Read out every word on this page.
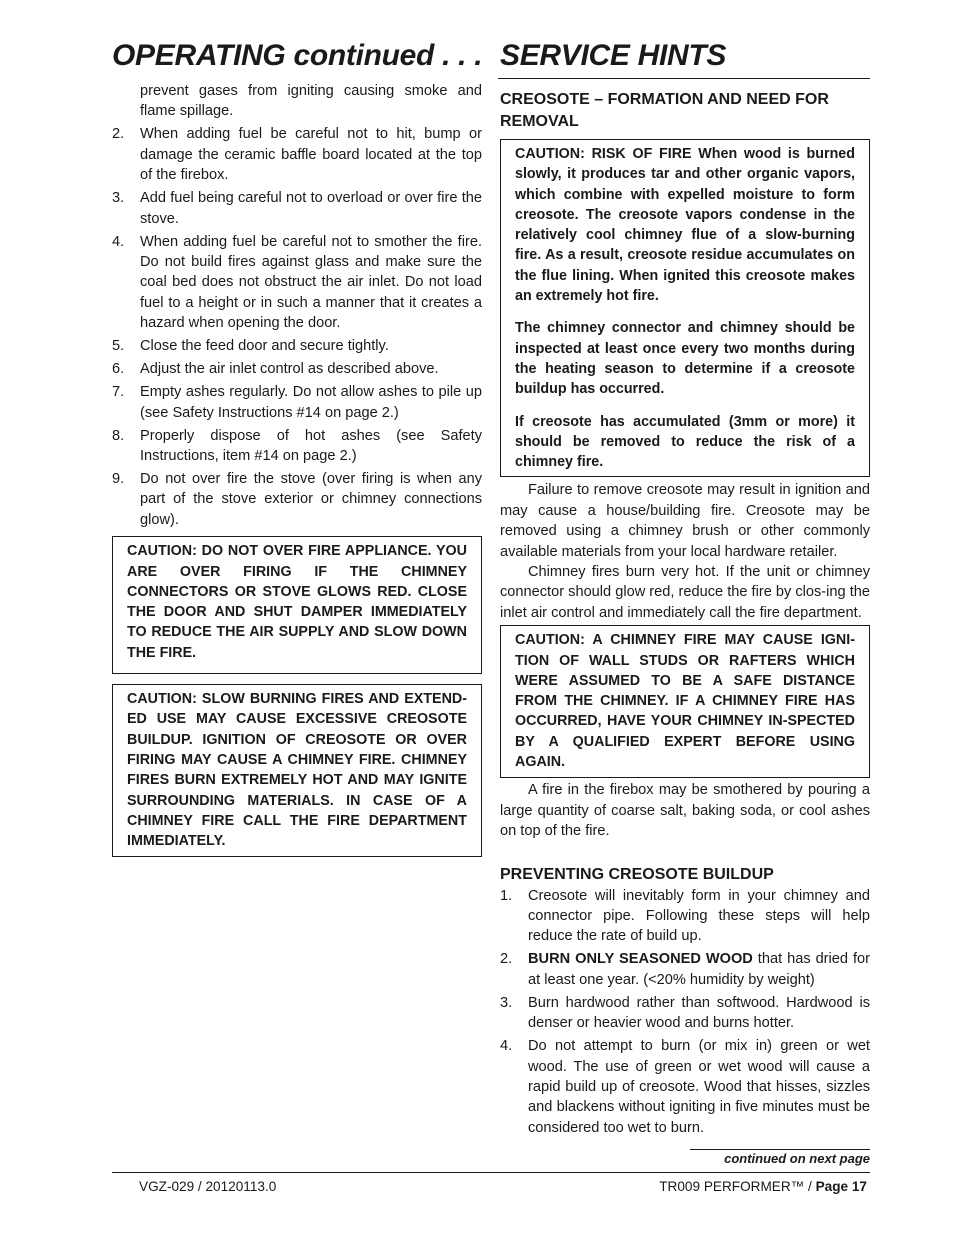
OPERATING continued . . . SERVICE HINTS

prevent gases from igniting causing smoke and flame spillage.

2. When adding fuel be careful not to hit, bump or damage the ceramic baffle board located at the top of the firebox.
3. Add fuel being careful not to overload or over fire the stove.
4. When adding fuel be careful not to smother the fire. Do not build fires against glass and make sure the coal bed does not obstruct the air inlet. Do not load fuel to a height or in such a manner that it creates a hazard when opening the door.
5. Close the feed door and secure tightly.
6. Adjust the air inlet control as described above.
7. Empty ashes regularly. Do not allow ashes to pile up (see Safety Instructions #14 on page 2.)
8. Properly dispose of hot ashes (see Safety Instructions, item #14 on page 2.)
9. Do not over fire the stove (over firing is when any part of the stove exterior or chimney connections glow).

CAUTION: DO NOT OVER FIRE APPLIANCE. YOU ARE OVER FIRING IF THE CHIMNEY CONNECTORS OR STOVE GLOWS RED. CLOSE THE DOOR AND SHUT DAMPER IMMEDIATELY TO REDUCE THE AIR SUPPLY AND SLOW DOWN THE FIRE.

CAUTION: SLOW BURNING FIRES AND EXTEND-ED USE MAY CAUSE EXCESSIVE CREOSOTE BUILDUP. IGNITION OF CREOSOTE OR OVER FIRING MAY CAUSE A CHIMNEY FIRE. CHIMNEY FIRES BURN EXTREMELY HOT AND MAY IGNITE SURROUNDING MATERIALS. IN CASE OF A CHIMNEY FIRE CALL THE FIRE DEPARTMENT IMMEDIATELY.

CREOSOTE – FORMATION AND NEED FOR REMOVAL

CAUTION: RISK OF FIRE When wood is burned slowly, it produces tar and other organic vapors, which combine with expelled moisture to form creosote. The creosote vapors condense in the relatively cool chimney flue of a slow-burning fire. As a result, creosote residue accumulates on the flue lining. When ignited this creosote makes an extremely hot fire.

The chimney connector and chimney should be inspected at least once every two months during the heating season to determine if a creosote buildup has occurred.

If creosote has accumulated (3mm or more) it should be removed to reduce the risk of a chimney fire.

Failure to remove creosote may result in ignition and may cause a house/building fire. Creosote may be removed using a chimney brush or other commonly available materials from your local hardware retailer.

Chimney fires burn very hot. If the unit or chimney connector should glow red, reduce the fire by clos-ing the inlet air control and immediately call the fire department.

CAUTION: A CHIMNEY FIRE MAY CAUSE IGNI-TION OF WALL STUDS OR RAFTERS WHICH WERE ASSUMED TO BE A SAFE DISTANCE FROM THE CHIMNEY. IF A CHIMNEY FIRE HAS OCCURRED, HAVE YOUR CHIMNEY IN-SPECTED BY A QUALIFIED EXPERT BEFORE USING AGAIN.

A fire in the firebox may be smothered by pouring a large quantity of coarse salt, baking soda, or cool ashes on top of the fire.

PREVENTING CREOSOTE BUILDUP
1. Creosote will inevitably form in your chimney and connector pipe. Following these steps will help reduce the rate of build up.
2. BURN ONLY SEASONED WOOD that has dried for at least one year. (<20% humidity by weight)
3. Burn hardwood rather than softwood. Hardwood is denser or heavier wood and burns hotter.
4. Do not attempt to burn (or mix in) green or wet wood. The use of green or wet wood will cause a rapid build up of creosote. Wood that hisses, sizzles and blackens without igniting in five minutes must be considered too wet to burn.
continued on next page
VGZ-029 / 20120113.0	TR009 PERFORMER™ / Page 17
